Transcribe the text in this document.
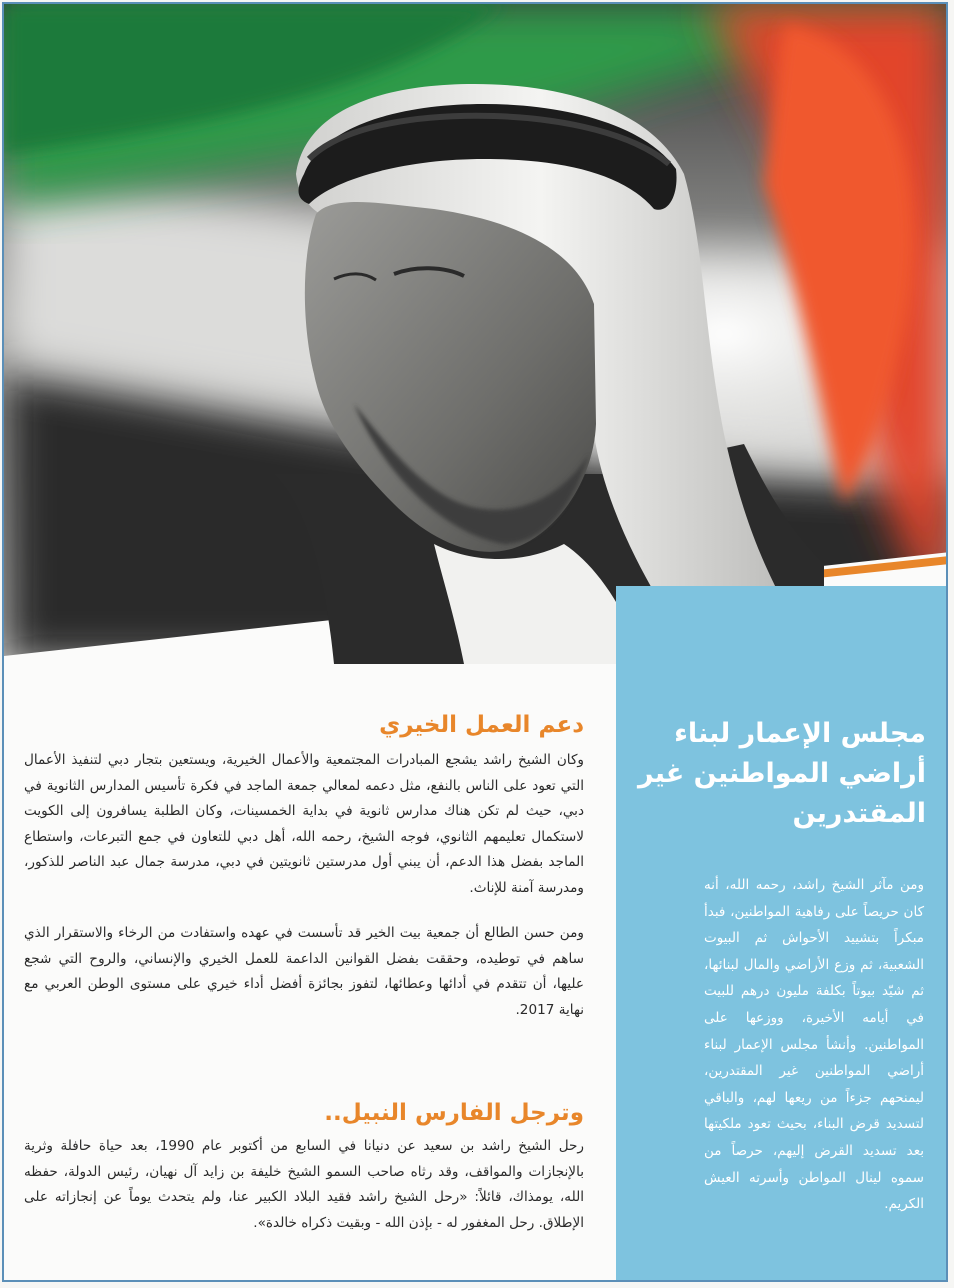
مجلس الإعمار لبناء أراضي المواطنين غير المقتدرين

ومن مآثر الشيخ راشد، رحمه الله، أنه كان حريصاً على رفاهية المواطنين، فبدأ مبكراً بتشييد الأحواش ثم البيوت الشعبية، ثم وزع الأراضي والمال لبنائها، ثم شيّد بيوتاً بكلفة مليون درهم للبيت في أيامه الأخيرة، ووزعها على المواطنين. وأنشأ مجلس الإعمار لبناء أراضي المواطنين غير المقتدرين، ليمنحهم جزءاً من ريعها لهم، والباقي لتسديد قرض البناء، بحيث تعود ملكيتها بعد تسديد القرض إليهم، حرصاً من سموه لينال المواطن وأسرته العيش الكريم.

دعم العمل الخيري

وكان الشيخ راشد يشجع المبادرات المجتمعية والأعمال الخيرية، ويستعين بتجار دبي لتنفيذ الأعمال التي تعود على الناس بالنفع، مثل دعمه لمعالي جمعة الماجد في فكرة تأسيس المدارس الثانوية في دبي، حيث لم تكن هناك مدارس ثانوية في بداية الخمسينات، وكان الطلبة يسافرون إلى الكويت لاستكمال تعليمهم الثانوي، فوجه الشيخ، رحمه الله، أهل دبي للتعاون في جمع التبرعات، واستطاع الماجد بفضل هذا الدعم، أن يبني أول مدرستين ثانويتين في دبي، مدرسة جمال عبد الناصر للذكور، ومدرسة آمنة للإناث.

ومن حسن الطالع أن جمعية بيت الخير قد تأسست في عهده واستفادت من الرخاء والاستقرار الذي ساهم في توطيده، وحققت بفضل القوانين الداعمة للعمل الخيري والإنساني، والروح التي شجع عليها، أن تتقدم في أدائها وعطائها، لتفوز بجائزة أفضل أداء خيري على مستوى الوطن العربي مع نهاية 2017.

وترجل الفارس النبيل..

رحل الشيخ راشد بن سعيد عن دنيانا في السابع من أكتوبر عام 1990، بعد حياة حافلة وثرية بالإنجازات والمواقف، وقد رثاه صاحب السمو الشيخ خليفة بن زايد آل نهيان، رئيس الدولة، حفظه الله، يومذاك، قائلاً: «رحل الشيخ راشد فقيد البلاد الكبير عنا، ولم يتحدث يوماً عن إنجازاته على الإطلاق. رحل المغفور له - بإذن الله - وبقيت ذكراه خالدة».
